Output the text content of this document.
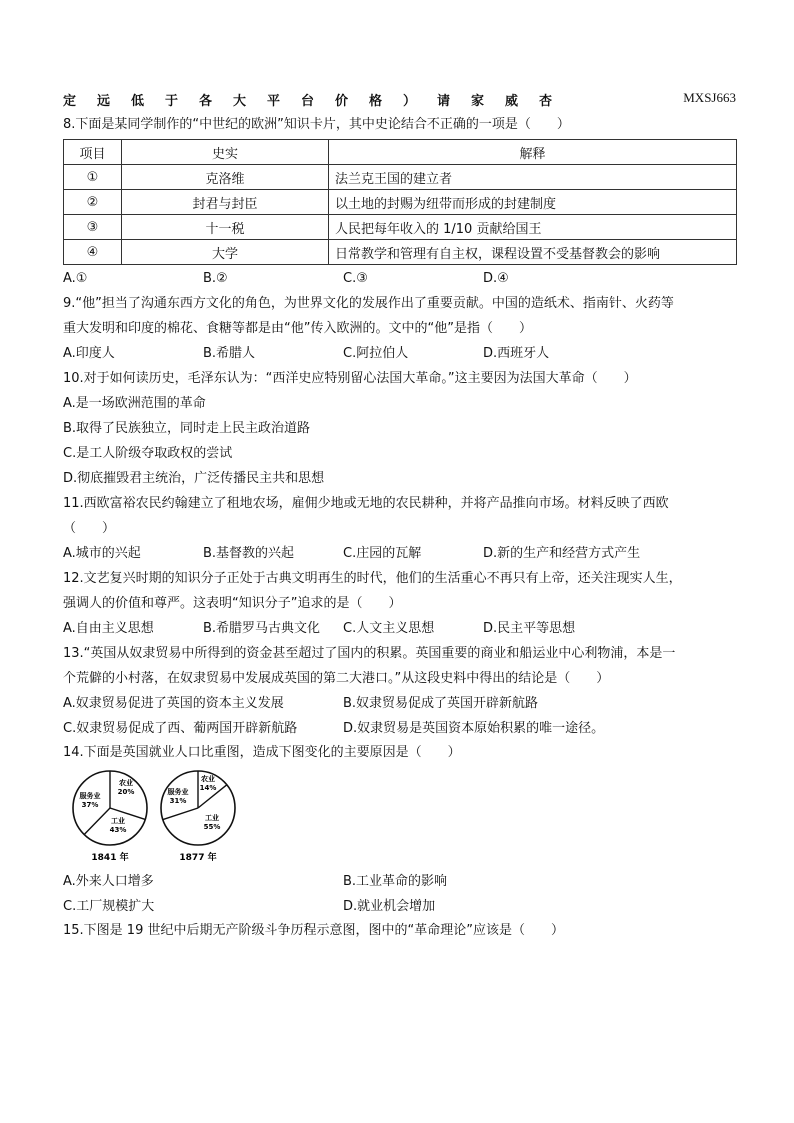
定远低于各大平台价格）请家威杏	MXSJ663
8.下面是某同学制作的“中世纪的欧洲”知识卡片，其中史论结合不正确的一项是（　　）
项目	史实	解释
①	克洛维	法兰克王国的建立者
②	封君与封臣	以土地的封赐为纽带而形成的封建制度
③	十一税	人民把每年收入的 1/10 贡献给国王
④	大学	日常教学和管理有自主权，课程设置不受基督教会的影响
A.①	B.②	C.③	D.④
9.“他”担当了沟通东西方文化的角色，为世界文化的发展作出了重要贡献。中国的造纸术、指南针、火药等
重大发明和印度的棉花、食糖等都是由“他”传入欧洲的。文中的“他”是指（　　）
A.印度人	B.希腊人	C.阿拉伯人	D.西班牙人
10.对于如何读历史，毛泽东认为：“西洋史应特别留心法国大革命。”这主要因为法国大革命（　　）
A.是一场欧洲范围的革命
B.取得了民族独立，同时走上民主政治道路
C.是工人阶级夺取政权的尝试
D.彻底摧毁君主统治，广泛传播民主共和思想
11.西欧富裕农民约翰建立了租地农场，雇佣少地或无地的农民耕种，并将产品推向市场。材料反映了西欧
（　　）
A.城市的兴起	B.基督教的兴起	C.庄园的瓦解	D.新的生产和经营方式产生
12.文艺复兴时期的知识分子正处于古典文明再生的时代，他们的生活重心不再只有上帝，还关注现实人生，
强调人的价值和尊严。这表明“知识分子”追求的是（　　）
A.自由主义思想	B.希腊罗马古典文化 C.人文主义思想	D.民主平等思想
13.“英国从奴隶贸易中所得到的资金甚至超过了国内的积累。英国重要的商业和船运业中心利物浦，本是一
个荒僻的小村落，在奴隶贸易中发展成英国的第二大港口。”从这段史料中得出的结论是（　　）
A.奴隶贸易促进了英国的资本主义发展	B.奴隶贸易促成了英国开辟新航路
C.奴隶贸易促成了西、葡两国开辟新航路	D.奴隶贸易是英国资本原始积累的唯一途径。
14.下面是英国就业人口比重图，造成下图变化的主要原因是（　　）
农业
20%
服务业
37%
工业
43%
1841 年
农业
14%
服务业
31%
工业
55%
1877 年
A.外来人口增多	B.工业革命的影响
C.工厂规模扩大	D.就业机会增加
15.下图是 19 世纪中后期无产阶级斗争历程示意图，图中的“革命理论”应该是（　　）
